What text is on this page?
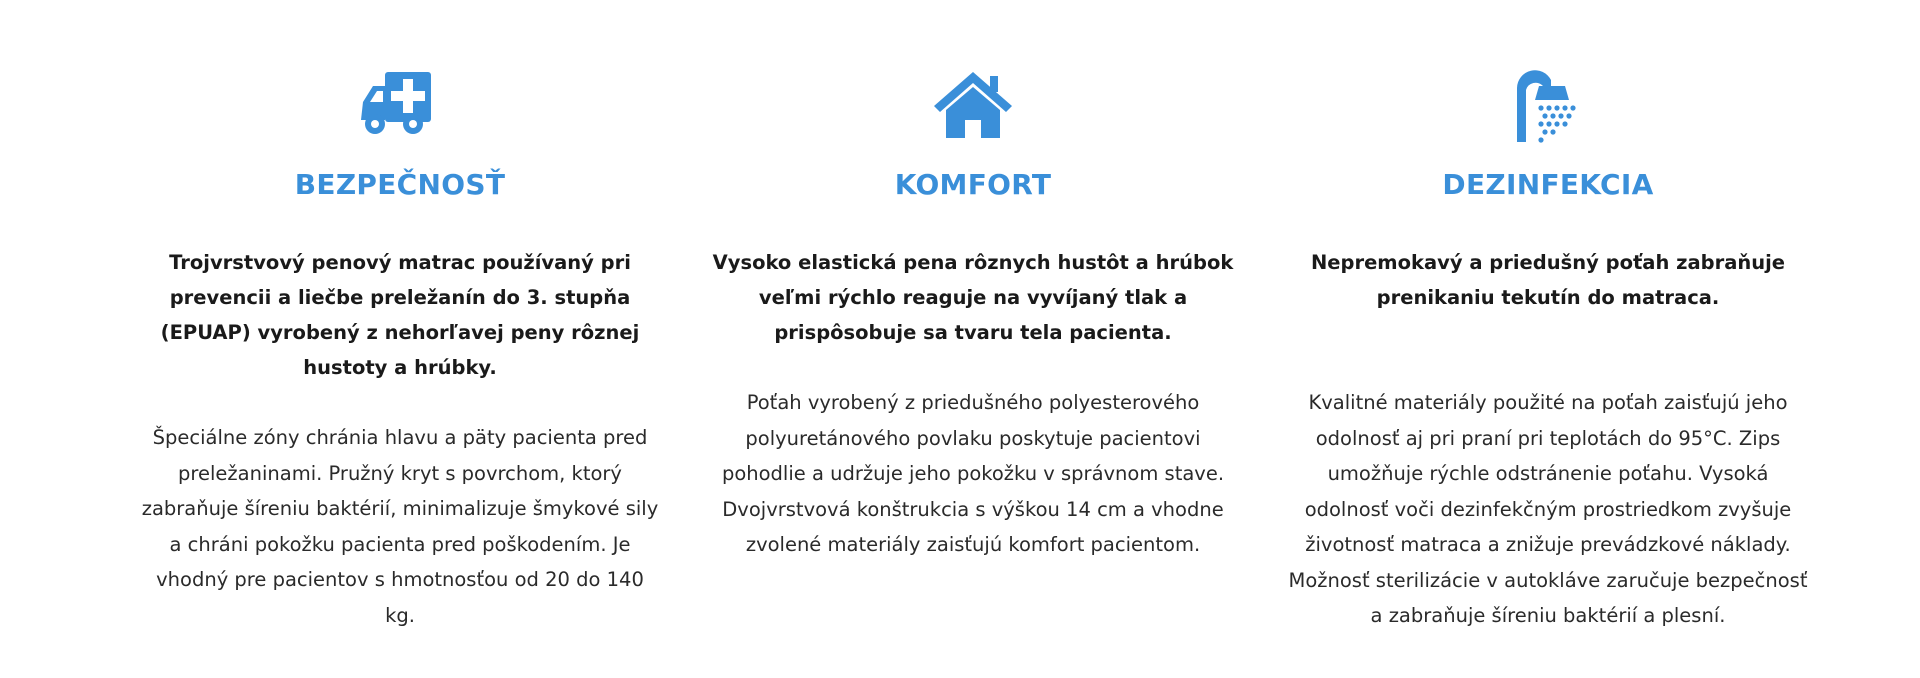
BEZPEČNOSŤ
Trojvrstvový penový matrac používaný pri prevencii a liečbe preležanín do 3. stupňa (EPUAP) vyrobený z nehorľavej peny rôznej hustoty a hrúbky.
Špeciálne zóny chránia hlavu a päty pacienta pred preležaninami. Pružný kryt s povrchom, ktorý zabraňuje šíreniu baktérií, minimalizuje šmykové sily a chráni pokožku pacienta pred poškodením. Je vhodný pre pacientov s hmotnosťou od 20 do 140 kg.
KOMFORT
Vysoko elastická pena rôznych hustôt a hrúbok veľmi rýchlo reaguje na vyvíjaný tlak a prispôsobuje sa tvaru tela pacienta.
Poťah vyrobený z priedušného polyesterového polyuretánového povlaku poskytuje pacientovi pohodlie a udržuje jeho pokožku v správnom stave. Dvojvrstvová konštrukcia s výškou 14 cm a vhodne zvolené materiály zaisťujú komfort pacientom.
DEZINFEKCIA
Nepremokavý a priedušný poťah zabraňuje prenikaniu tekutín do matraca.
Kvalitné materiály použité na poťah zaisťujú jeho odolnosť aj pri praní pri teplotách do 95°C. Zips umožňuje rýchle odstránenie poťahu. Vysoká odolnosť voči dezinfekčným prostriedkom zvyšuje životnosť matraca a znižuje prevádzkové náklady. Možnosť sterilizácie v autokláve zaručuje bezpečnosť a zabraňuje šíreniu baktérií a plesní.
